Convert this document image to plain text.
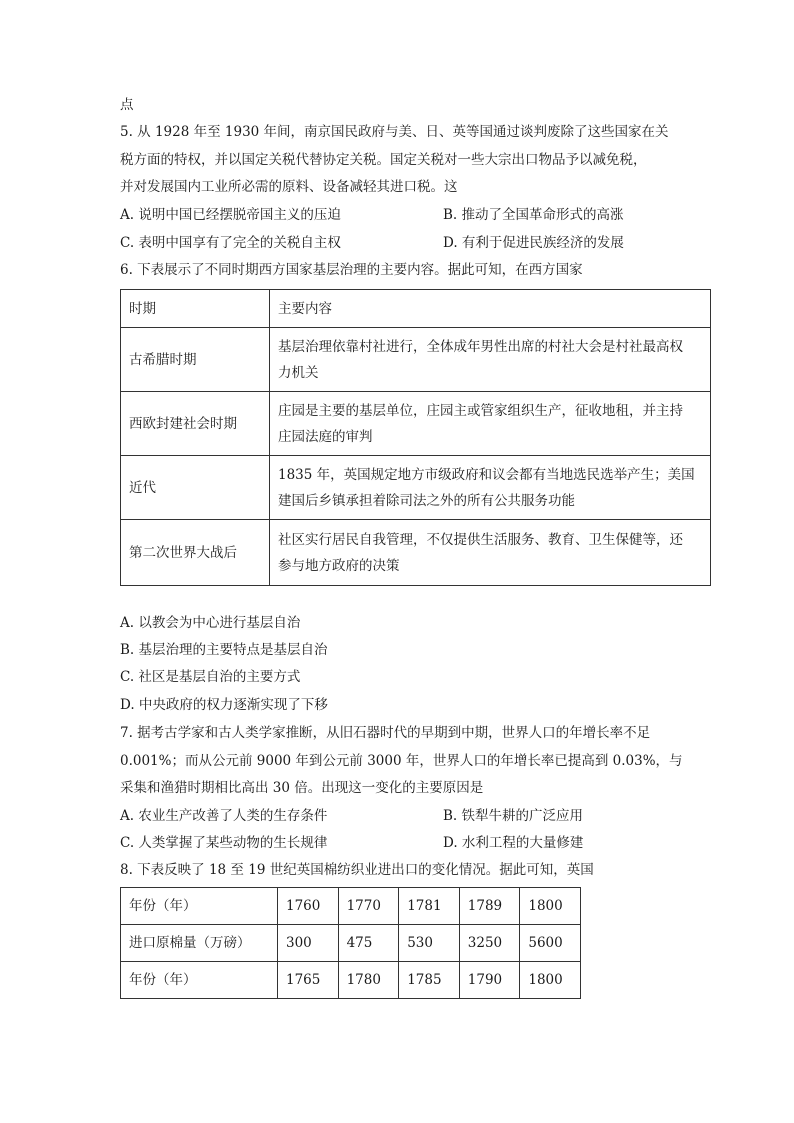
点
5. 从 1928 年至 1930 年间，南京国民政府与美、日、英等国通过谈判废除了这些国家在关
税方面的特权，并以国定关税代替协定关税。国定关税对一些大宗出口物品予以减免税，
并对发展国内工业所必需的原料、设备减轻其进口税。这
A. 说明中国已经摆脱帝国主义的压迫	B. 推动了全国革命形式的高涨
C. 表明中国享有了完全的关税自主权	D. 有利于促进民族经济的发展
6. 下表展示了不同时期西方国家基层治理的主要内容。据此可知，在西方国家
时期	主要内容
古希腊时期	基层治理依靠村社进行，全体成年男性出席的村社大会是村社最高权
力机关

西欧封建社会时期	庄园是主要的基层单位，庄园主或管家组织生产，征收地租，并主持
庄园法庭的审判

近代	1835 年，英国规定地方市级政府和议会都有当地选民选举产生；美国
建国后乡镇承担着除司法之外的所有公共服务功能

第二次世界大战后	社区实行居民自我管理，不仅提供生活服务、教育、卫生保健等，还
参与地方政府的决策
A. 以教会为中心进行基层自治
B. 基层治理的主要特点是基层自治
C. 社区是基层自治的主要方式
D. 中央政府的权力逐渐实现了下移
7. 据考古学家和古人类学家推断，从旧石器时代的早期到中期，世界人口的年增长率不足
0.001%；而从公元前 9000 年到公元前 3000 年，世界人口的年增长率已提高到 0.03%，与
采集和渔猎时期相比高出 30 倍。出现这一变化的主要原因是
A. 农业生产改善了人类的生存条件	B. 铁犁牛耕的广泛应用
C. 人类掌握了某些动物的生长规律	D. 水利工程的大量修建
8. 下表反映了 18 至 19 世纪英国棉纺织业进出口的变化情况。据此可知，英国
年份（年）	1760	1770	1781	1789	1800
进口原棉量（万磅）	300	475	530	3250	5600
年份（年）	1765	1780	1785	1790	1800
